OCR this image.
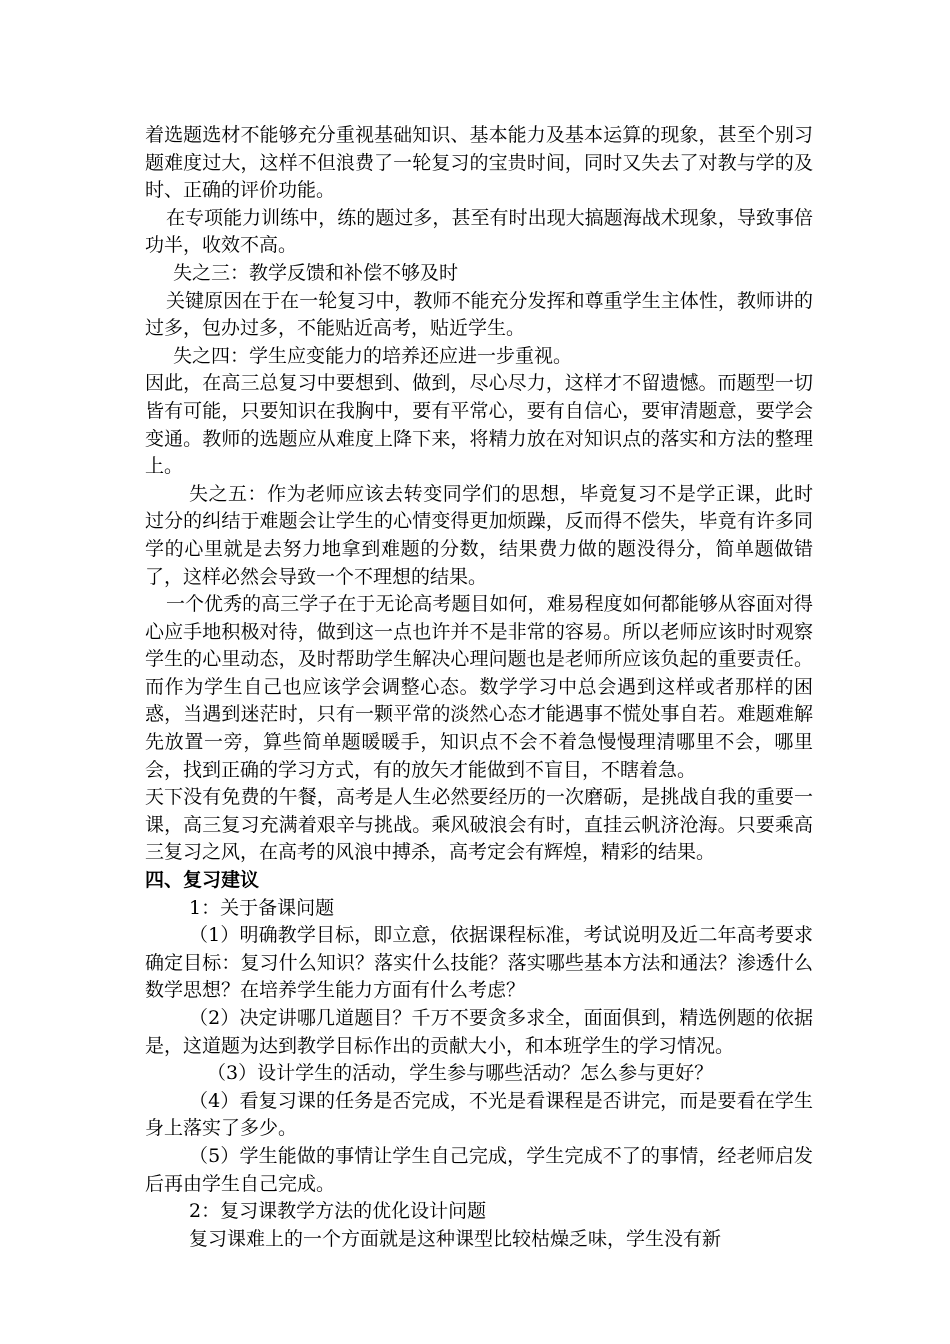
着选题选材不能够充分重视基础知识、基本能力及基本运算的现象，甚至个别习题难度过大，这样不但浪费了一轮复习的宝贵时间，同时又失去了对教与学的及时、正确的评价功能。

在专项能力训练中，练的题过多，甚至有时出现大搞题海战术现象，导致事倍功半，收效不高。

失之三：教学反馈和补偿不够及时

关键原因在于在一轮复习中，教师不能充分发挥和尊重学生主体性，教师讲的过多，包办过多，不能贴近高考，贴近学生。

失之四：学生应变能力的培养还应进一步重视。

因此，在高三总复习中要想到、做到，尽心尽力，这样才不留遗憾。而题型一切皆有可能，只要知识在我胸中，要有平常心，要有自信心，要审清题意，要学会变通。教师的选题应从难度上降下来，将精力放在对知识点的落实和方法的整理上。

失之五：作为老师应该去转变同学们的思想，毕竟复习不是学正课，此时过分的纠结于难题会让学生的心情变得更加烦躁，反而得不偿失，毕竟有许多同学的心里就是去努力地拿到难题的分数，结果费力做的题没得分，简单题做错了，这样必然会导致一个不理想的结果。

一个优秀的高三学子在于无论高考题目如何，难易程度如何都能够从容面对得心应手地积极对待，做到这一点也许并不是非常的容易。所以老师应该时时观察学生的心里动态，及时帮助学生解决心理问题也是老师所应该负起的重要责任。而作为学生自己也应该学会调整心态。数学学习中总会遇到这样或者那样的困惑，当遇到迷茫时，只有一颗平常的淡然心态才能遇事不慌处事自若。难题难解先放置一旁，算些简单题暖暖手，知识点不会不着急慢慢理清哪里不会，哪里会，找到正确的学习方式，有的放矢才能做到不盲目，不瞎着急。

天下没有免费的午餐，高考是人生必然要经历的一次磨砺，是挑战自我的重要一课，高三复习充满着艰辛与挑战。乘风破浪会有时，直挂云帆济沧海。只要乘高三复习之风，在高考的风浪中搏杀，高考定会有辉煌，精彩的结果。

四、复习建议

1：关于备课问题

（1）明确教学目标，即立意，依据课程标准，考试说明及近二年高考要求确定目标：复习什么知识？落实什么技能？落实哪些基本方法和通法？渗透什么数学思想？在培养学生能力方面有什么考虑？

（2）决定讲哪几道题目？千万不要贪多求全，面面俱到，精选例题的依据是，这道题为达到教学目标作出的贡献大小，和本班学生的学习情况。

（3）设计学生的活动，学生参与哪些活动？怎么参与更好？

（4）看复习课的任务是否完成，不光是看课程是否讲完，而是要看在学生身上落实了多少。

（5）学生能做的事情让学生自己完成，学生完成不了的事情，经老师启发后再由学生自己完成。

2：复习课教学方法的优化设计问题

复习课难上的一个方面就是这种课型比较枯燥乏味，学生没有新
